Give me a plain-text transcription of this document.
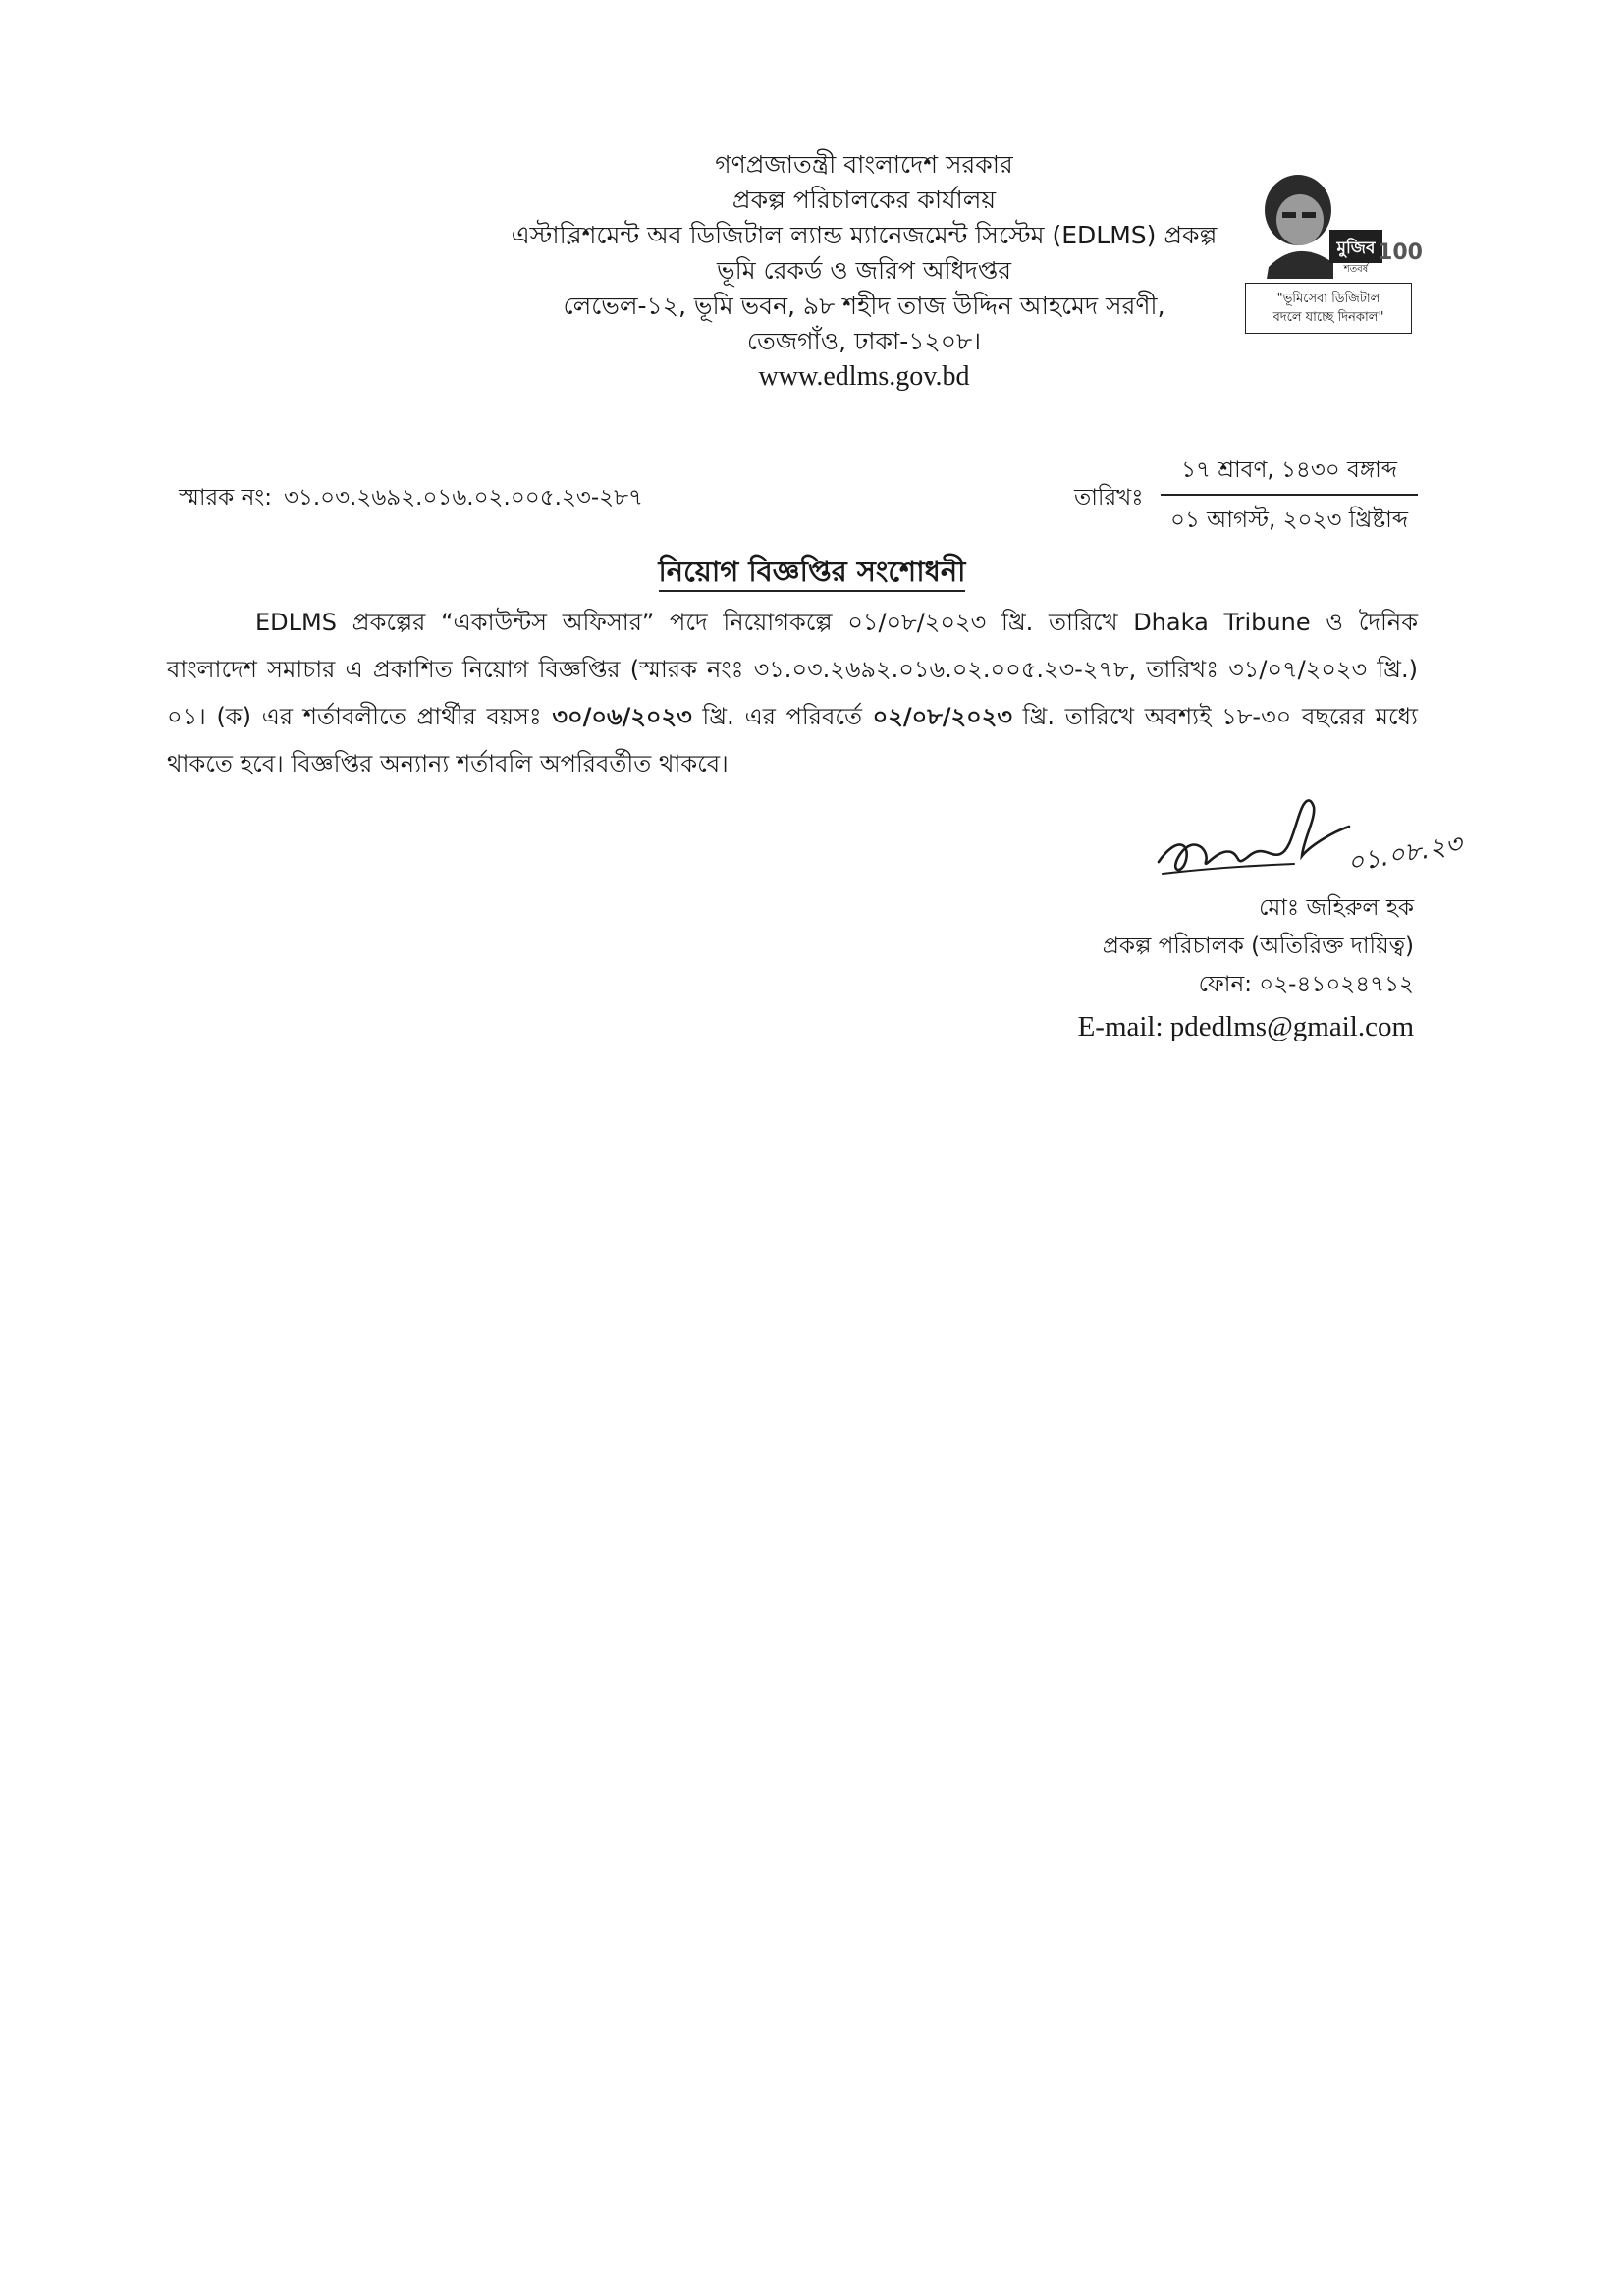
গণপ্রজাতন্ত্রী বাংলাদেশ সরকার
প্রকল্প পরিচালকের কার্যালয়
এস্টাব্লিশমেন্ট অব ডিজিটাল ল্যান্ড ম্যানেজমেন্ট সিস্টেম (EDLMS) প্রকল্প
ভূমি রেকর্ড ও জরিপ অধিদপ্তর
লেভেল-১২, ভূমি ভবন, ৯৮ শহীদ তাজ উদ্দিন আহমেদ সরণী,
তেজগাঁও, ঢাকা-১২০৮।
www.edlms.gov.bd
মুজিব
শতবর্ষ
100
"ভূমিসেবা ডিজিটাল
বদলে যাচ্ছে দিনকাল"
স্মারক নং: ৩১.০৩.২৬৯২.০১৬.০২.০০৫.২৩-২৮৭	তারিখঃ
১৭ শ্রাবণ, ১৪৩০ বঙ্গাব্দ
০১ আগস্ট, ২০২৩ খ্রিষ্টাব্দ
নিয়োগ বিজ্ঞপ্তির সংশোধনী

EDLMS প্রকল্পের “একাউন্টস অফিসার” পদে নিয়োগকল্পে ০১/০৮/২০২৩ খ্রি. তারিখে Dhaka Tribune ও দৈনিক বাংলাদেশ সমাচার এ প্রকাশিত নিয়োগ বিজ্ঞপ্তির (স্মারক নংঃ ৩১.০৩.২৬৯২.০১৬.০২.০০৫.২৩-২৭৮, তারিখঃ ৩১/০৭/২০২৩ খ্রি.) ০১। (ক) এর শর্তাবলীতে প্রার্থীর বয়সঃ ৩০/০৬/২০২৩ খ্রি. এর পরিবর্তে ০২/০৮/২০২৩ খ্রি. তারিখে অবশ্যই ১৮-৩০ বছরের মধ্যে থাকতে হবে। বিজ্ঞপ্তির অন্যান্য শর্তাবলি অপরিবর্তীত থাকবে।

০১.০৮.২৩
মোঃ জহিরুল হক
প্রকল্প পরিচালক (অতিরিক্ত দায়িত্ব)
ফোন: ০২-৪১০২৪৭১২
E-mail: pdedlms@gmail.com
